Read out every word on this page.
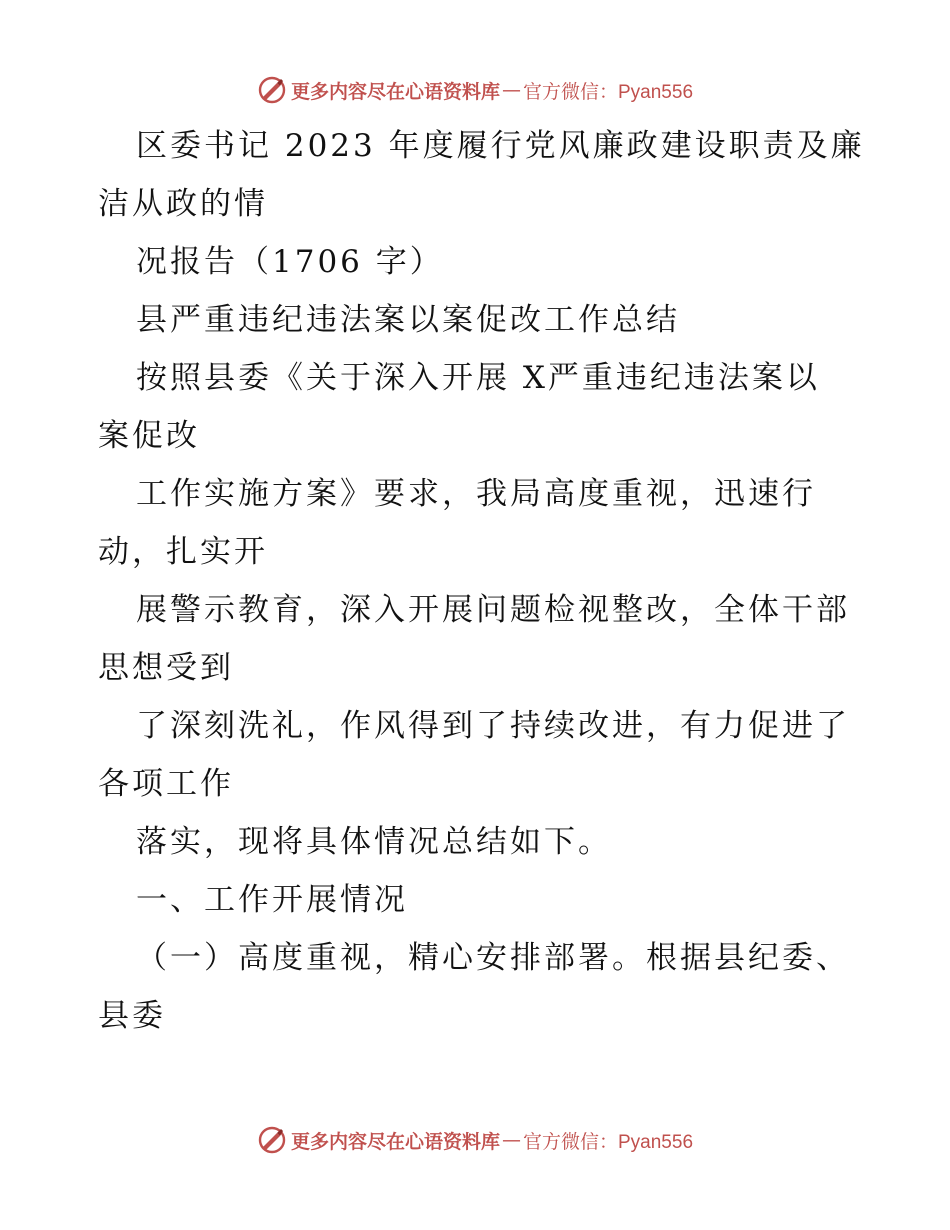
更多内容尽在心语资料库 — 官方微信：Pyan556
区委书记 2023 年度履行党风廉政建设职责及廉
洁从政的情
况报告（1706 字）
县严重违纪违法案以案促改工作总结
按照县委《关于深入开展 X严重违纪违法案以
案促改
工作实施方案》要求，我局高度重视，迅速行
动，扎实开
展警示教育，深入开展问题检视整改，全体干部
思想受到
了深刻洗礼，作风得到了持续改进，有力促进了
各项工作
落实，现将具体情况总结如下。
一、工作开展情况
（一）高度重视，精心安排部署。根据县纪委、
县委
更多内容尽在心语资料库 — 官方微信：Pyan556
